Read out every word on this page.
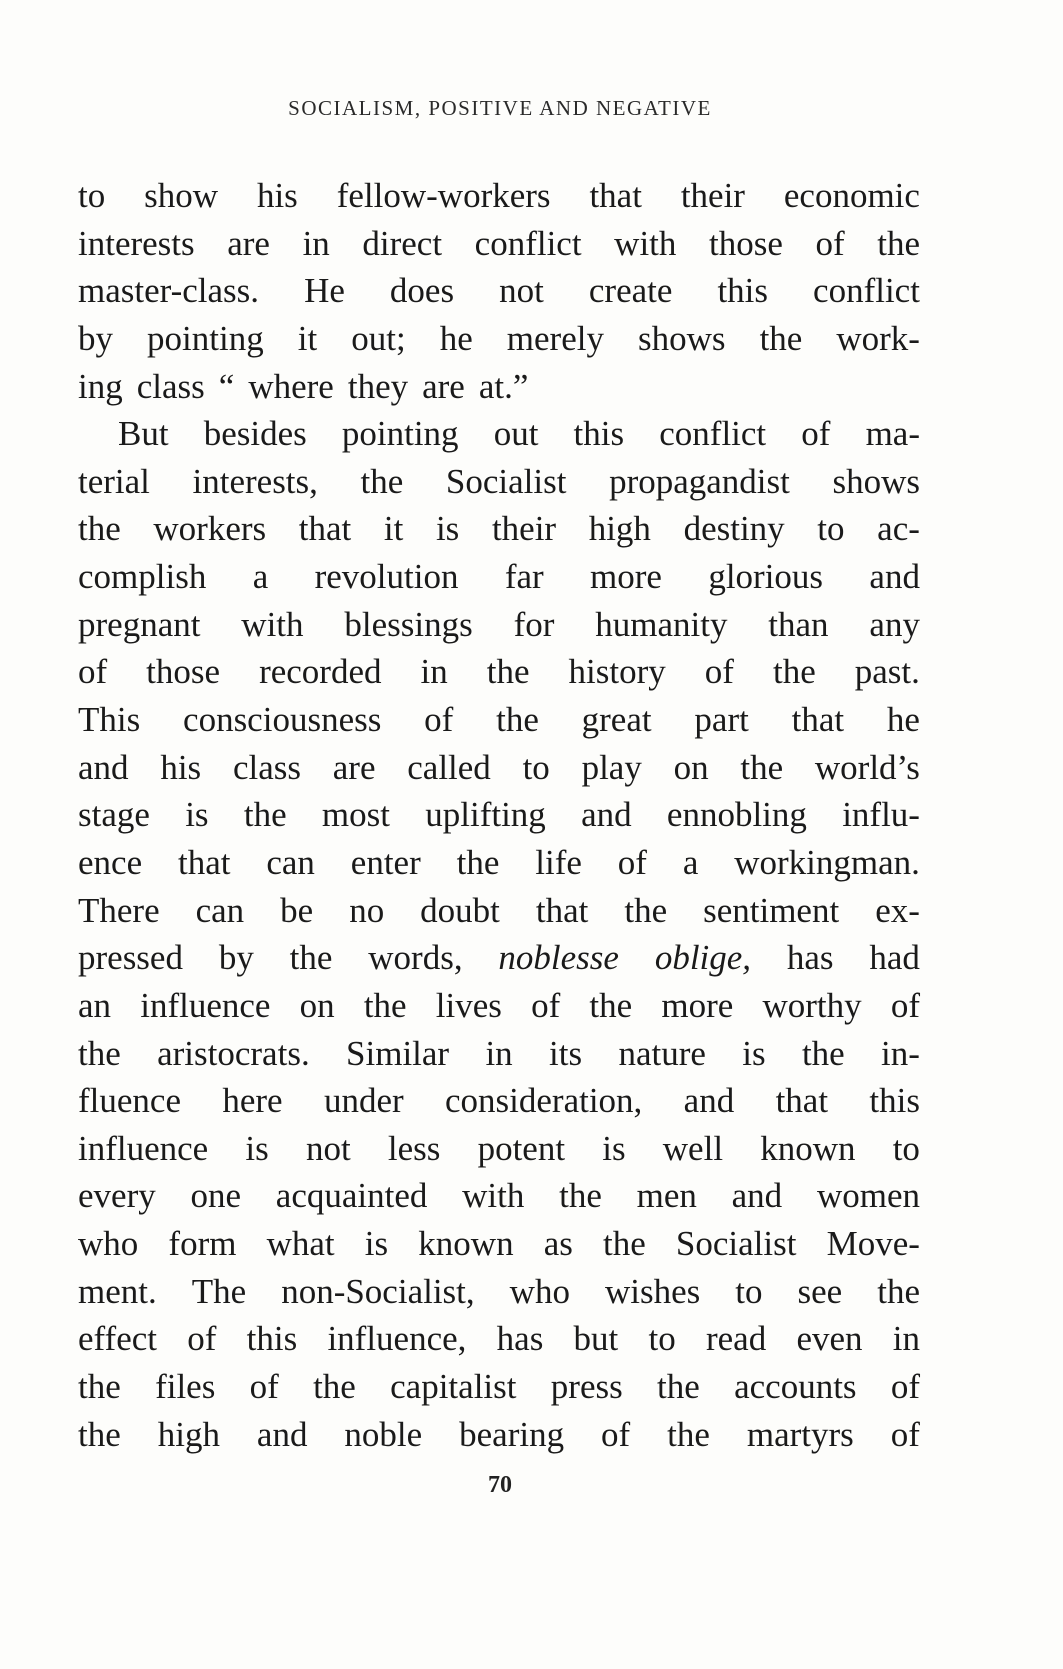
SOCIALISM, POSITIVE AND NEGATIVE
to show his fellow-workers that their economic
interests are in direct conflict with those of the
master-class. He does not create this conflict
by pointing it out; he merely shows the work-
ing class “ where they are at.”
But besides pointing out this conflict of ma-
terial interests, the Socialist propagandist shows
the workers that it is their high destiny to ac-
complish a revolution far more glorious and
pregnant with blessings for humanity than any
of those recorded in the history of the past.
This consciousness of the great part that he
and his class are called to play on the world’s
stage is the most uplifting and ennobling influ-
ence that can enter the life of a workingman.
There can be no doubt that the sentiment ex-
pressed by the words, noblesse oblige, has had
an influence on the lives of the more worthy of
the aristocrats. Similar in its nature is the in-
fluence here under consideration, and that this
influence is not less potent is well known to
every one acquainted with the men and women
who form what is known as the Socialist Move-
ment. The non-Socialist, who wishes to see the
effect of this influence, has but to read even in
the files of the capitalist press the accounts of
the high and noble bearing of the martyrs of
70
